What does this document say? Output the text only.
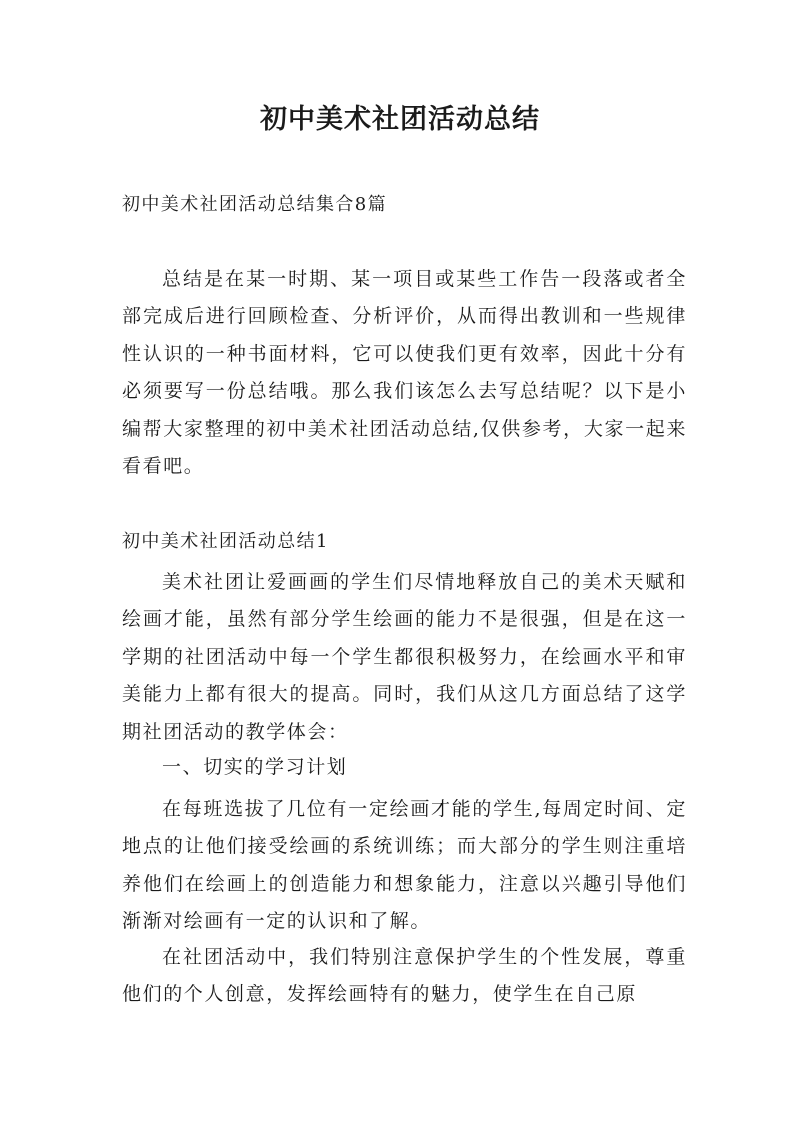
初中美术社团活动总结
初中美术社团活动总结集合8篇

总结是在某一时期、某一项目或某些工作告一段落或者全部完成后进行回顾检查、分析评价，从而得出教训和一些规律性认识的一种书面材料，它可以使我们更有效率，因此十分有必须要写一份总结哦。那么我们该怎么去写总结呢？以下是小编帮大家整理的初中美术社团活动总结,仅供参考，大家一起来看看吧。

初中美术社团活动总结1

美术社团让爱画画的学生们尽情地释放自己的美术天赋和绘画才能，虽然有部分学生绘画的能力不是很强，但是在这一学期的社团活动中每一个学生都很积极努力，在绘画水平和审美能力上都有很大的提高。同时，我们从这几方面总结了这学期社团活动的教学体会：

一、切实的学习计划

在每班选拔了几位有一定绘画才能的学生,每周定时间、定地点的让他们接受绘画的系统训练；而大部分的学生则注重培养他们在绘画上的创造能力和想象能力，注意以兴趣引导他们渐渐对绘画有一定的认识和了解。

在社团活动中，我们特别注意保护学生的个性发展，尊重他们的个人创意，发挥绘画特有的魅力，使学生在自己原
